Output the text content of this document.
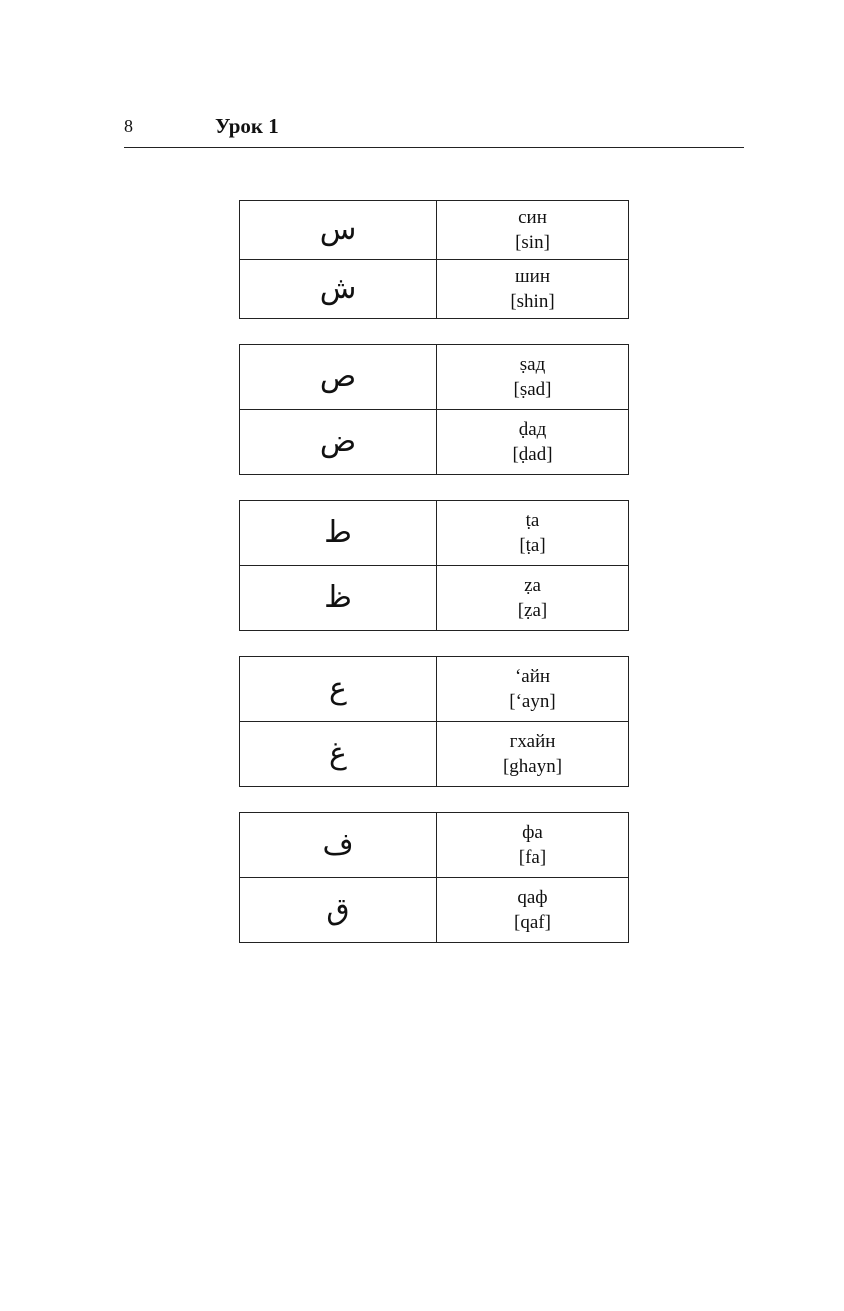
8	Урок 1
س	син
[sin]

ش	шин
[shin]
ص	ṣад
[ṣad]

ض	ḍад
[ḍad]
ط	ṭа
[ṭa]

ظ	ẓа
[ẓa]
ع	‘айн
[‘ayn]

غ	гхайн
[ghayn]
ف	фа
[fa]

ق	qaф
[qaf]
